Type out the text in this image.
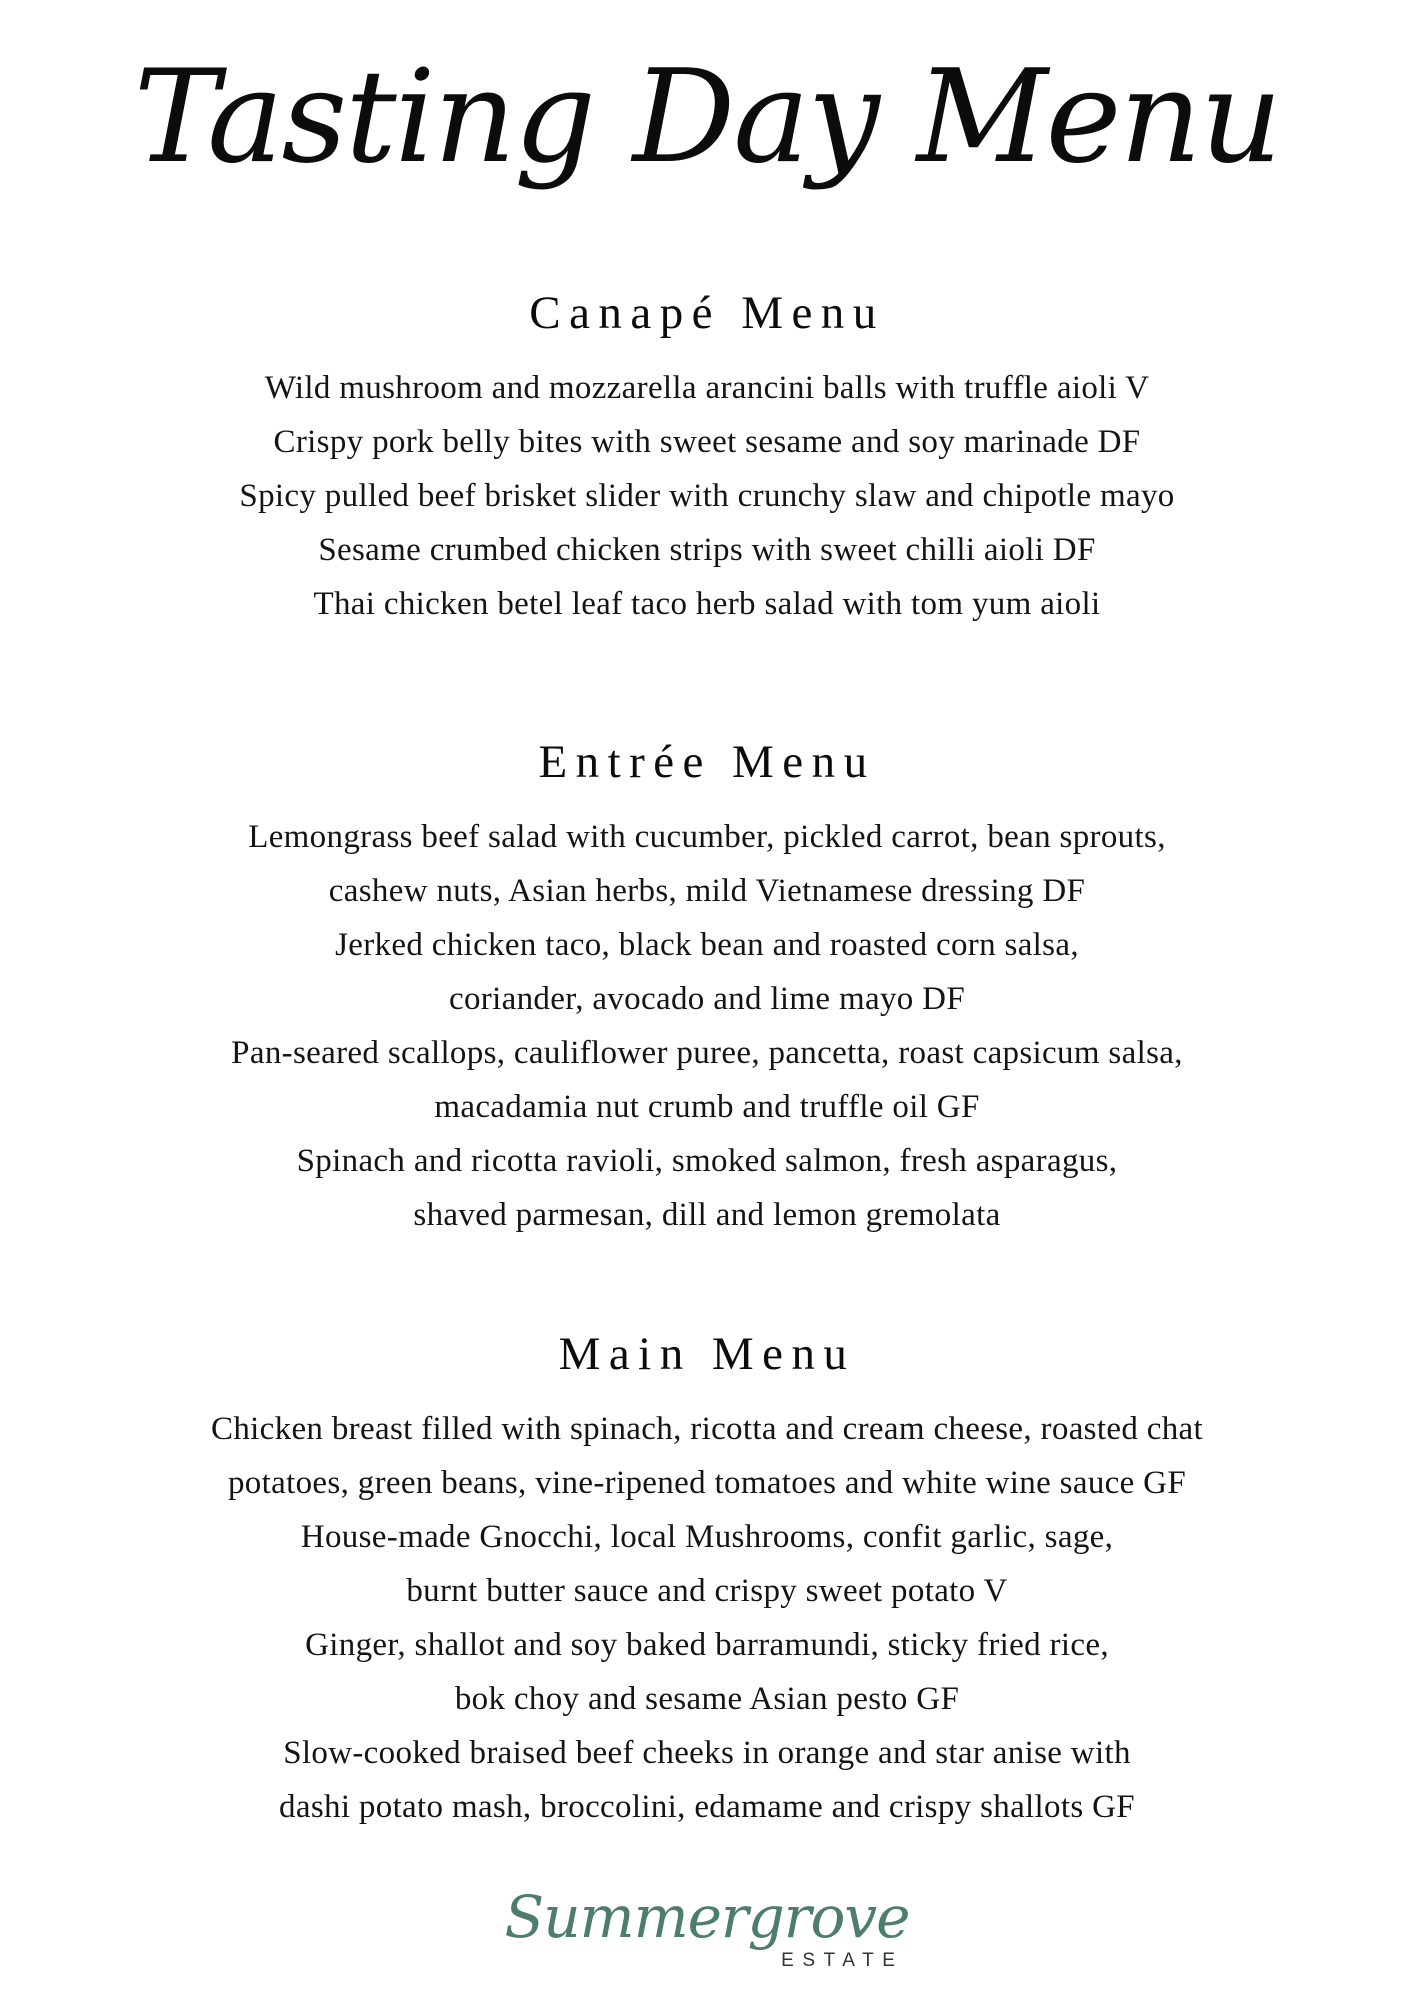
Tasting Day Menu
Canapé Menu

Wild mushroom and mozzarella arancini balls with truffle aioli V

Crispy pork belly bites with sweet sesame and soy marinade DF

Spicy pulled beef brisket slider with crunchy slaw and chipotle mayo

Sesame crumbed chicken strips with sweet chilli aioli DF

Thai chicken betel leaf taco herb salad with tom yum aioli

Entrée Menu

Lemongrass beef salad with cucumber, pickled carrot, bean sprouts,

cashew nuts, Asian herbs, mild Vietnamese dressing DF

Jerked chicken taco, black bean and roasted corn salsa,

coriander, avocado and lime mayo DF

Pan-seared scallops, cauliflower puree, pancetta, roast capsicum salsa,

macadamia nut crumb and truffle oil GF

Spinach and ricotta ravioli, smoked salmon, fresh asparagus,

shaved parmesan, dill and lemon gremolata

Main Menu

Chicken breast filled with spinach, ricotta and cream cheese, roasted chat

potatoes, green beans, vine-ripened tomatoes and white wine sauce GF

House-made Gnocchi, local Mushrooms, confit garlic, sage,

burnt butter sauce and crispy sweet potato V

Ginger, shallot and soy baked barramundi, sticky fried rice,

bok choy and sesame Asian pesto GF

Slow-cooked braised beef cheeks in orange and star anise with

dashi potato mash, broccolini, edamame and crispy shallots GF

Summergrove
ESTATE
